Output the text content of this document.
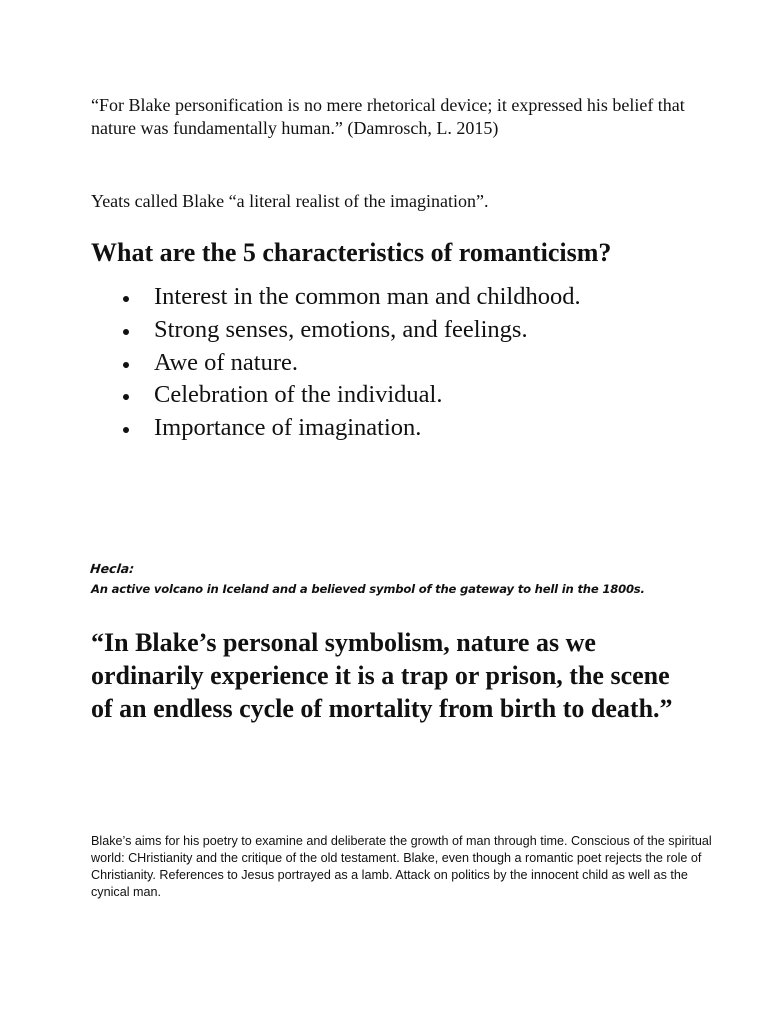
“For Blake personification is no mere rhetorical device; it expressed his belief that nature was fundamentally human.” (Damrosch, L. 2015)

Yeats called Blake “a literal realist of the imagination”.

What are the 5 characteristics of romanticism?
Interest in the common man and childhood.
Strong senses, emotions, and feelings.
Awe of nature.
Celebration of the individual.
Importance of imagination.
Hecla:
An active volcano in Iceland and a believed symbol of the gateway to hell in the 1800s.

“In Blake’s personal symbolism, nature as we ordinarily experience it is a trap or prison, the scene of an endless cycle of mortality from birth to death.”

Blake’s aims for his poetry to examine and deliberate the growth of man through time. Conscious of the spiritual world: CHristianity and the critique of the old testament. Blake, even though a romantic poet rejects the role of Christianity. References to Jesus portrayed as a lamb. Attack on politics by the innocent child as well as the cynical man.
